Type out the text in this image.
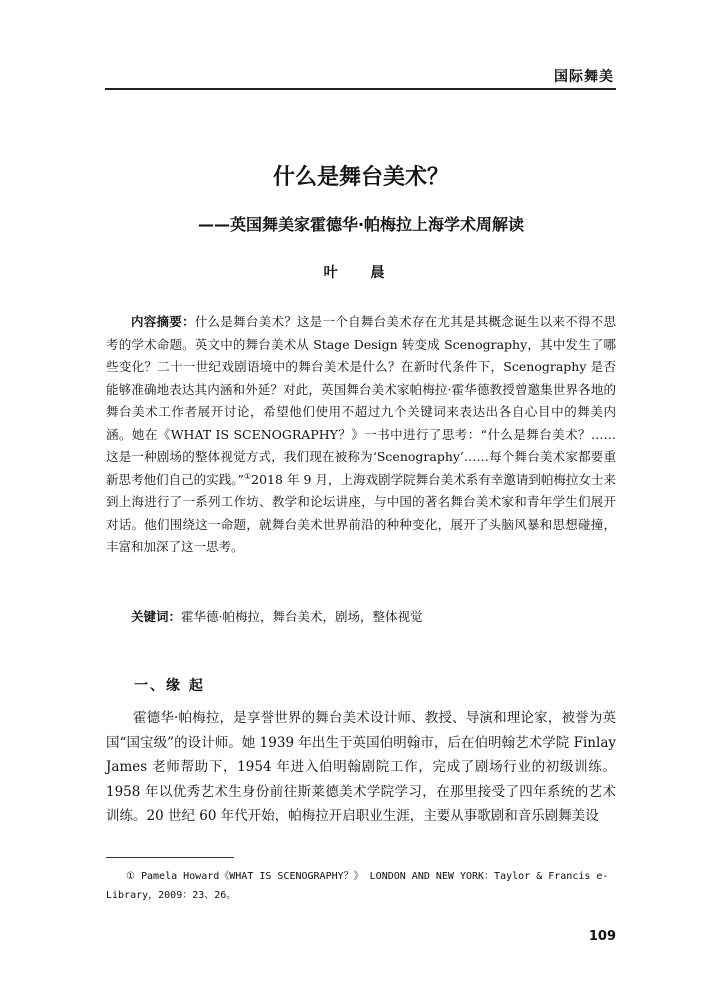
国际舞美
什么是舞台美术？
——英国舞美家霍德华·帕梅拉上海学术周解读
叶 晨
内容摘要：什么是舞台美术？这是一个自舞台美术存在尤其是其概念诞生以来不得不思考的学术命题。英文中的舞台美术从 Stage Design 转变成 Scenography，其中发生了哪些变化？二十一世纪戏剧语境中的舞台美术是什么？在新时代条件下，Scenography 是否能够准确地表达其内涵和外延？对此，英国舞台美术家帕梅拉·霍华德教授曾邀集世界各地的舞台美术工作者展开讨论，希望他们使用不超过九个关键词来表达出各自心目中的舞美内涵。她在《WHAT IS SCENOGRAPHY？》一书中进行了思考：“什么是舞台美术？……这是一种剧场的整体视觉方式，我们现在被称为‘Scenography’……每个舞台美术家都要重新思考他们自己的实践。”①2018 年 9 月，上海戏剧学院舞台美术系有幸邀请到帕梅拉女士来到上海进行了一系列工作坊、教学和论坛讲座，与中国的著名舞台美术家和青年学生们展开对话。他们围绕这一命题，就舞台美术世界前沿的种种变化，展开了头脑风暴和思想碰撞，丰富和加深了这一思考。
关键词：霍华德·帕梅拉，舞台美术，剧场，整体视觉
一、缘 起
霍德华·帕梅拉，是享誉世界的舞台美术设计师、教授、导演和理论家，被誉为英国“国宝级”的设计师。她 1939 年出生于英国伯明翰市，后在伯明翰艺术学院 Finlay James 老师帮助下，1954 年进入伯明翰剧院工作，完成了剧场行业的初级训练。1958 年以优秀艺术生身份前往斯莱德美术学院学习，在那里接受了四年系统的艺术训练。20 世纪 60 年代开始，帕梅拉开启职业生涯，主要从事歌剧和音乐剧舞美设
① Pamela Howard《WHAT IS SCENOGRAPHY？》 LONDON AND NEW YORK：Taylor & Francis e-Library，2009：23、26。
109
